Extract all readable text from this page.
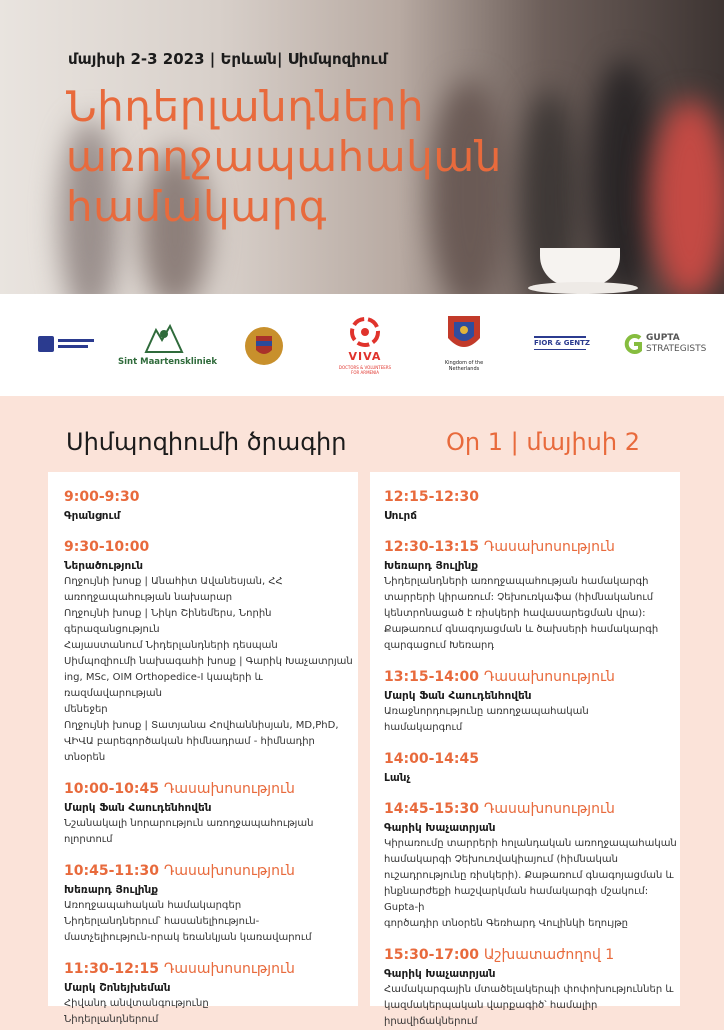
մայիսի 2-3 2023 | Երևան| Սիմպոզիում
Նիդերլանդների
առողջապահական
համակարգ
Sint Maartenskliniek	VIVA
DOCTORS & VOLUNTEERS FOR ARMENIA
Kingdom of the Netherlands
FIOR & GENTZ	GUPTA
STRATEGISTS
Սիմպոզիումի ծրագիր	Օր 1 | մայիսի 2
9:00-9:30
Գրանցում
9:30-10:00
Ներածություն
Ողջույնի խոսք | Անահիտ Ավանեսյան, ՀՀ
առողջապահության նախարար
Ողջույնի խոսք | Նիկո Շինեմերս, Նորին գերազանցություն
Հայաստանում Նիդերլանդների դեսպան
Սիմպոզիումի նախագահի խոսք | Գարիկ Խաչատրյան
ing, MSc, OIM Orthopedice-I կապերի և ռազմավարության
մենեջեր
Ողջույնի խոսք | Տատյանա Հովհաննիսյան, MD,PhD,
ՎԻՎԱ բարեգործական հիմնադրամ - հիմնադիր տնօրեն
10:00-10:45 Դասախոսություն
Մարկ Ֆան Հաուդենհովեն
Նշանակալի նորարություն առողջապահության
ոլորտում
10:45-11:30 Դասախոսություն
Խեռարդ Յուլինք
Առողջապահական համակարգեր
Նիդերլանդներում՝ հասանելիություն-
մատչելիություն-որակ եռանկյան կառավարում
11:30-12:15 Դասախոսություն
Մարկ Շոնեյխեման
Հիվանդ անվտանգությունը
Նիդերլանդներում
12:15-12:30
Սուրճ
12:30-13:15 Դասախոսություն
Խեռարդ Յուլինք
Նիդերլանդների առողջապահության համակարգի
տարրերի կիրառում: Չեխուռկաֆա (հիմնականում
կենտրոնացած է ռիսկերի հավասարեցման վրա):
Քաթառում գնագոյացման և ծախսերի համակարգի
զարգացում Խեռարդ
13:15-14:00 Դասախոսություն
Մարկ Ֆան Հաուդենհովեն
Առաջնորդությունը առողջապահական
համակարգում
14:00-14:45
Լանչ
14:45-15:30 Դասախոսություն
Գարիկ Խաչատրյան
Կիրառումը տարրերի հոլանդական առողջապահական
համակարգի Չեխուռվակիայում (հիմնական
ուշադրությունը ռիսկերի). Քաթառում գնագոյացման և
ինքնարժեքի հաշվարկման համակարգի մշակում: Gupta-ի
գործադիր տնօրեն Գեռհարդ Վուլինկի եղույթը
15:30-17:00 Աշխատաժողով 1
Գարիկ Խաչատրյան
Համակարգային մտածելակերպի փոփոխություններ և
կազմակերպական վարքագիծ՝ համալիր
իրավիճակներում
